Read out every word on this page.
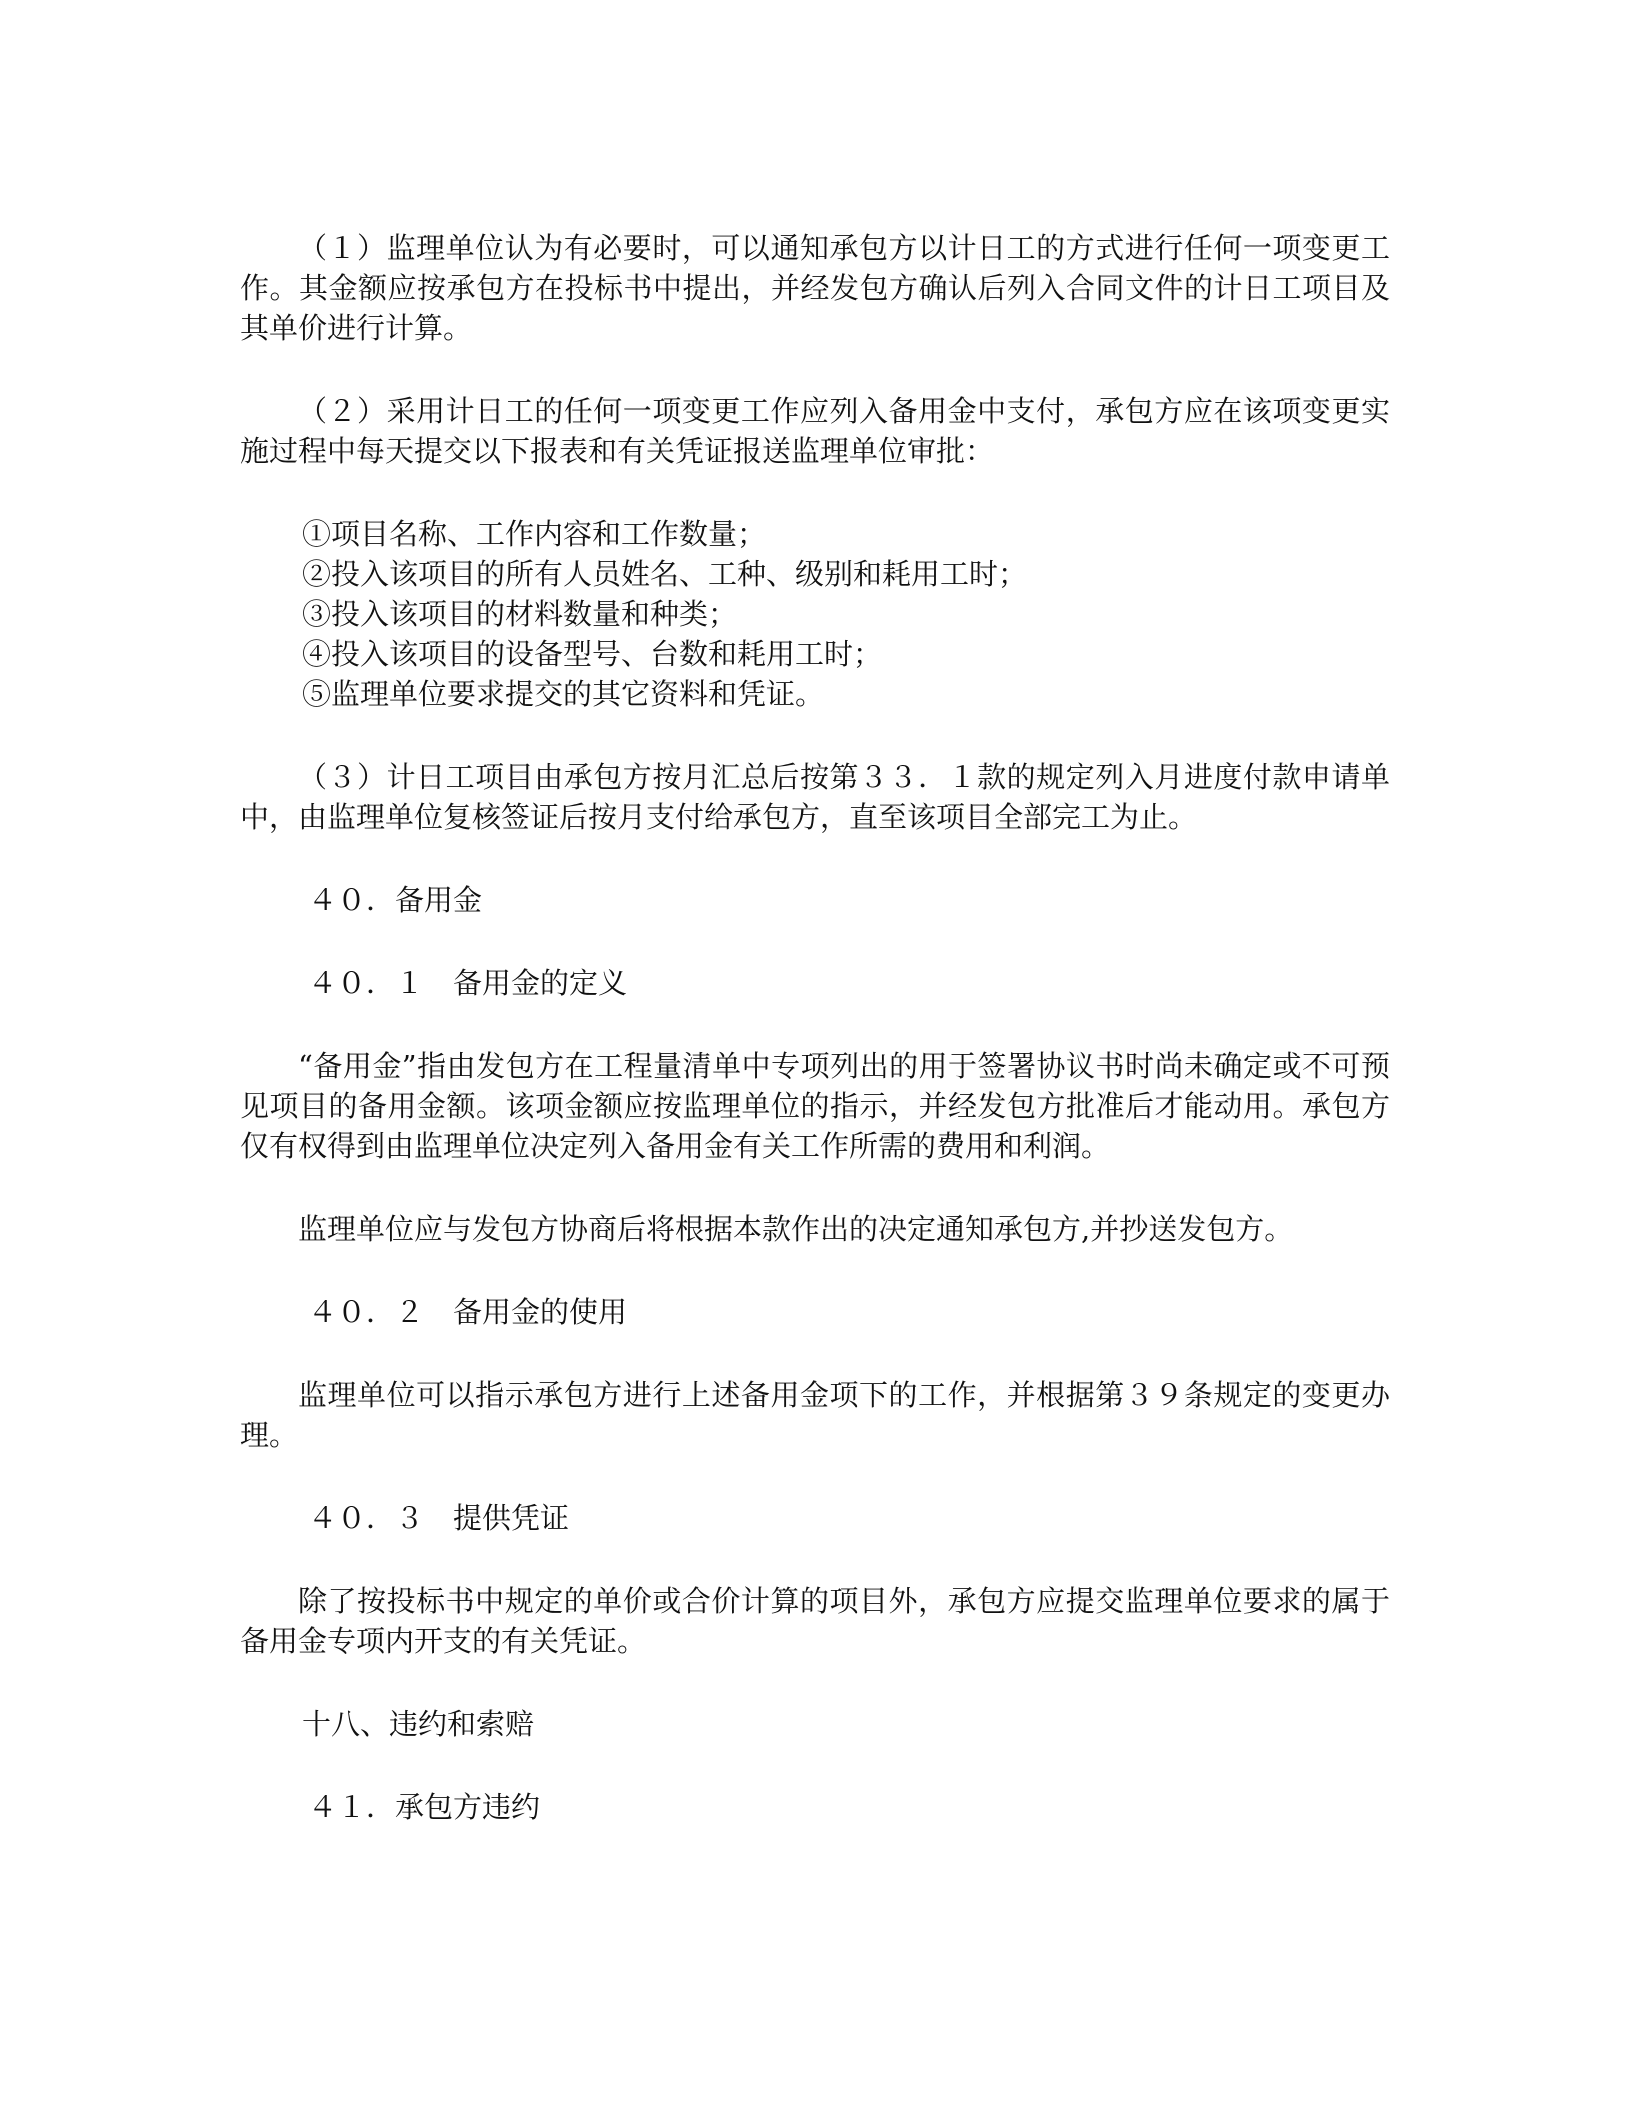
（１）监理单位认为有必要时，可以通知承包方以计日工的方式进行任何一项变更工作。其金额应按承包方在投标书中提出，并经发包方确认后列入合同文件的计日工项目及其单价进行计算。

（２）采用计日工的任何一项变更工作应列入备用金中支付，承包方应在该项变更实施过程中每天提交以下报表和有关凭证报送监理单位审批：

①项目名称、工作内容和工作数量；

②投入该项目的所有人员姓名、工种、级别和耗用工时；

③投入该项目的材料数量和种类；

④投入该项目的设备型号、台数和耗用工时；

⑤监理单位要求提交的其它资料和凭证。

（３）计日工项目由承包方按月汇总后按第３３．１款的规定列入月进度付款申请单中，由监理单位复核签证后按月支付给承包方，直至该项目全部完工为止。

４０．备用金

４０．１　备用金的定义

“备用金”指由发包方在工程量清单中专项列出的用于签署协议书时尚未确定或不可预见项目的备用金额。该项金额应按监理单位的指示，并经发包方批准后才能动用。承包方仅有权得到由监理单位决定列入备用金有关工作所需的费用和利润。

监理单位应与发包方协商后将根据本款作出的决定通知承包方,并抄送发包方。

４０．２　备用金的使用

监理单位可以指示承包方进行上述备用金项下的工作，并根据第３９条规定的变更办理。

４０．３　提供凭证

除了按投标书中规定的单价或合价计算的项目外，承包方应提交监理单位要求的属于备用金专项内开支的有关凭证。

十八、违约和索赔

４１．承包方违约
